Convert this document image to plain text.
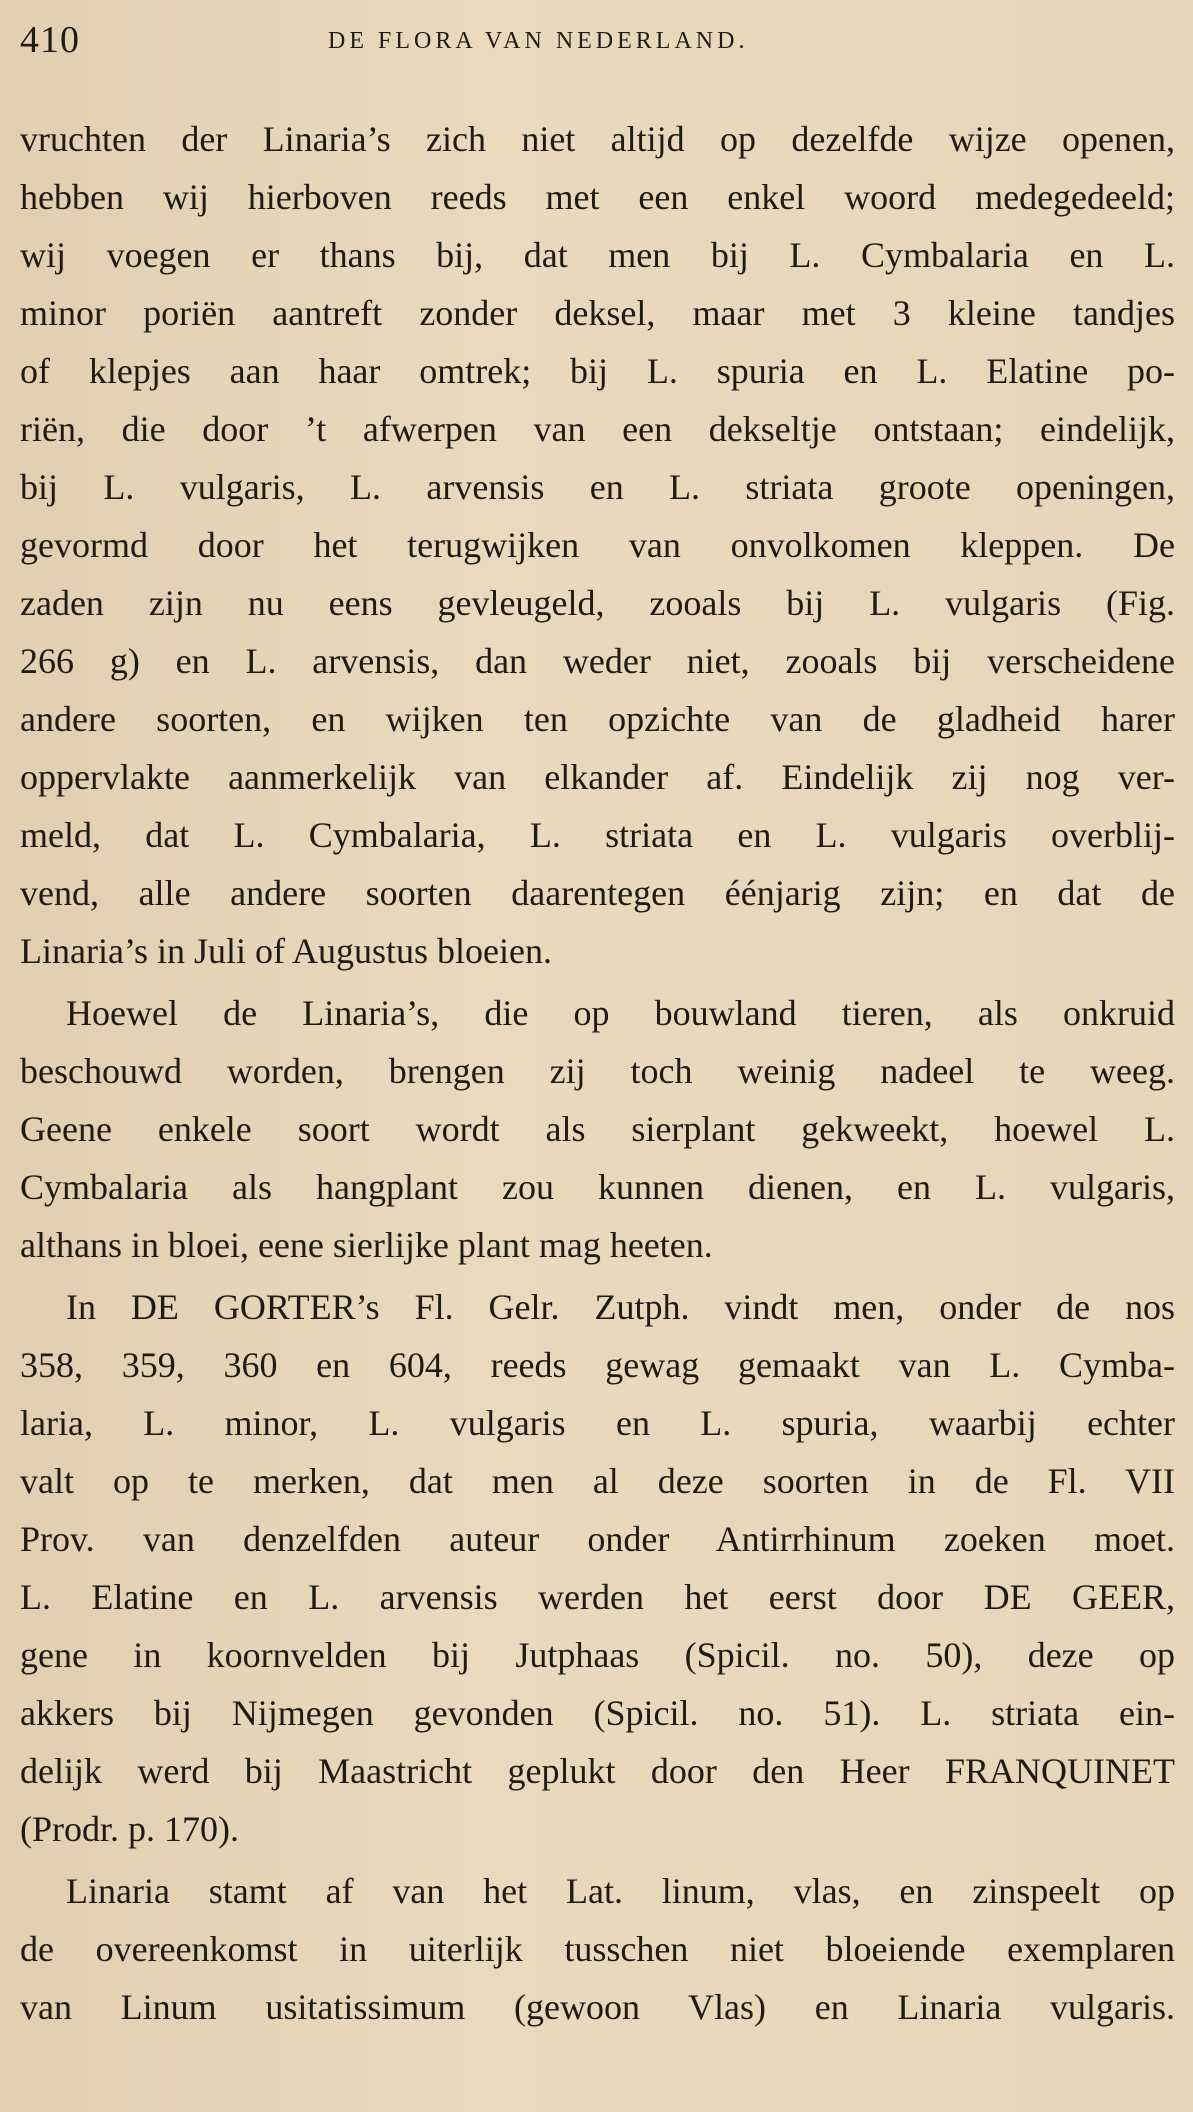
410	DE FLORA VAN NEDERLAND.
vruchten der Linaria’s zich niet altijd op dezelfde wijze openen,
hebben wij hierboven reeds met een enkel woord medegedeeld;
wij voegen er thans bij, dat men bij L. Cymbalaria en L.
minor poriën aantreft zonder deksel, maar met 3 kleine tandjes
of klepjes aan haar omtrek; bij L. spuria en L. Elatine po-
riën, die door ’t afwerpen van een dekseltje ontstaan; eindelijk,
bij L. vulgaris, L. arvensis en L. striata groote openingen,
gevormd door het terugwijken van onvolkomen kleppen. De
zaden zijn nu eens gevleugeld, zooals bij L. vulgaris (Fig.
266 g) en L. arvensis, dan weder niet, zooals bij verscheidene
andere soorten, en wijken ten opzichte van de gladheid harer
oppervlakte aanmerkelijk van elkander af. Eindelijk zij nog ver-
meld, dat L. Cymbalaria, L. striata en L. vulgaris overblij-
vend, alle andere soorten daarentegen éénjarig zijn; en dat de
Linaria’s in Juli of Augustus bloeien.
Hoewel de Linaria’s, die op bouwland tieren, als onkruid
beschouwd worden, brengen zij toch weinig nadeel te weeg.
Geene enkele soort wordt als sierplant gekweekt, hoewel L.
Cymbalaria als hangplant zou kunnen dienen, en L. vulgaris,
althans in bloei, eene sierlijke plant mag heeten.
In DE GORTER’s Fl. Gelr. Zutph. vindt men, onder de nos
358, 359, 360 en 604, reeds gewag gemaakt van L. Cymba-
laria, L. minor, L. vulgaris en L. spuria, waarbij echter
valt op te merken, dat men al deze soorten in de Fl. VII
Prov. van denzelfden auteur onder Antirrhinum zoeken moet.
L. Elatine en L. arvensis werden het eerst door DE GEER,
gene in koornvelden bij Jutphaas (Spicil. no. 50), deze op
akkers bij Nijmegen gevonden (Spicil. no. 51). L. striata ein-
delijk werd bij Maastricht geplukt door den Heer FRANQUINET
(Prodr. p. 170).
Linaria stamt af van het Lat. linum, vlas, en zinspeelt op
de overeenkomst in uiterlijk tusschen niet bloeiende exemplaren
van Linum usitatissimum (gewoon Vlas) en Linaria vulgaris.
